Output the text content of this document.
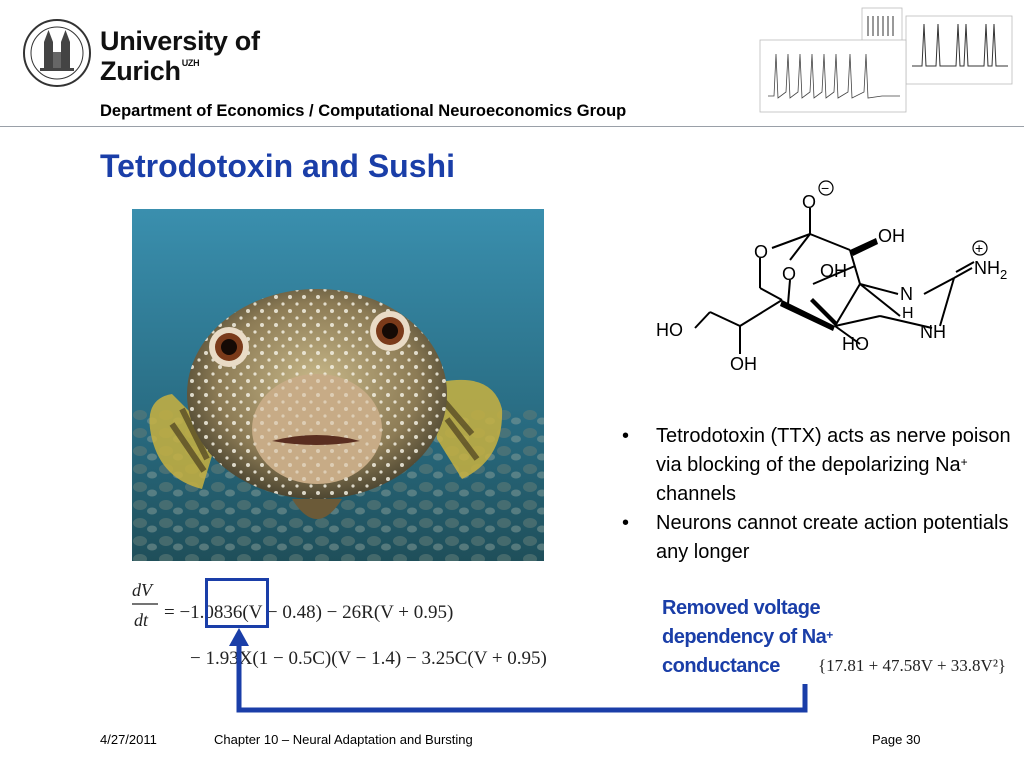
University of
Zurich$^{UZH}$
Department of Economics / Computational Neuroeconomics Group
Tetrodotoxin and Sushi
O
−
OH
O
O OH
N
H
+
$NH_2$
NH
HO
HO
OH
• Tetrodotoxin (TTX) acts as nerve poison via blocking of the depolarizing Na+ channels
• Neurons cannot create action potentials any longer
dV
dt = −1.0836(V − 0.48) − 26R(V + 0.95)
− 1.93X(1 − 0.5C)(V − 1.4) − 3.25C(V + 0.95)
Removed voltage
dependency of Na+
conductance	{17.81 + 47.58V + 33.8V²}
4/27/2011	Chapter 10 – Neural Adaptation and Bursting	Page 30
